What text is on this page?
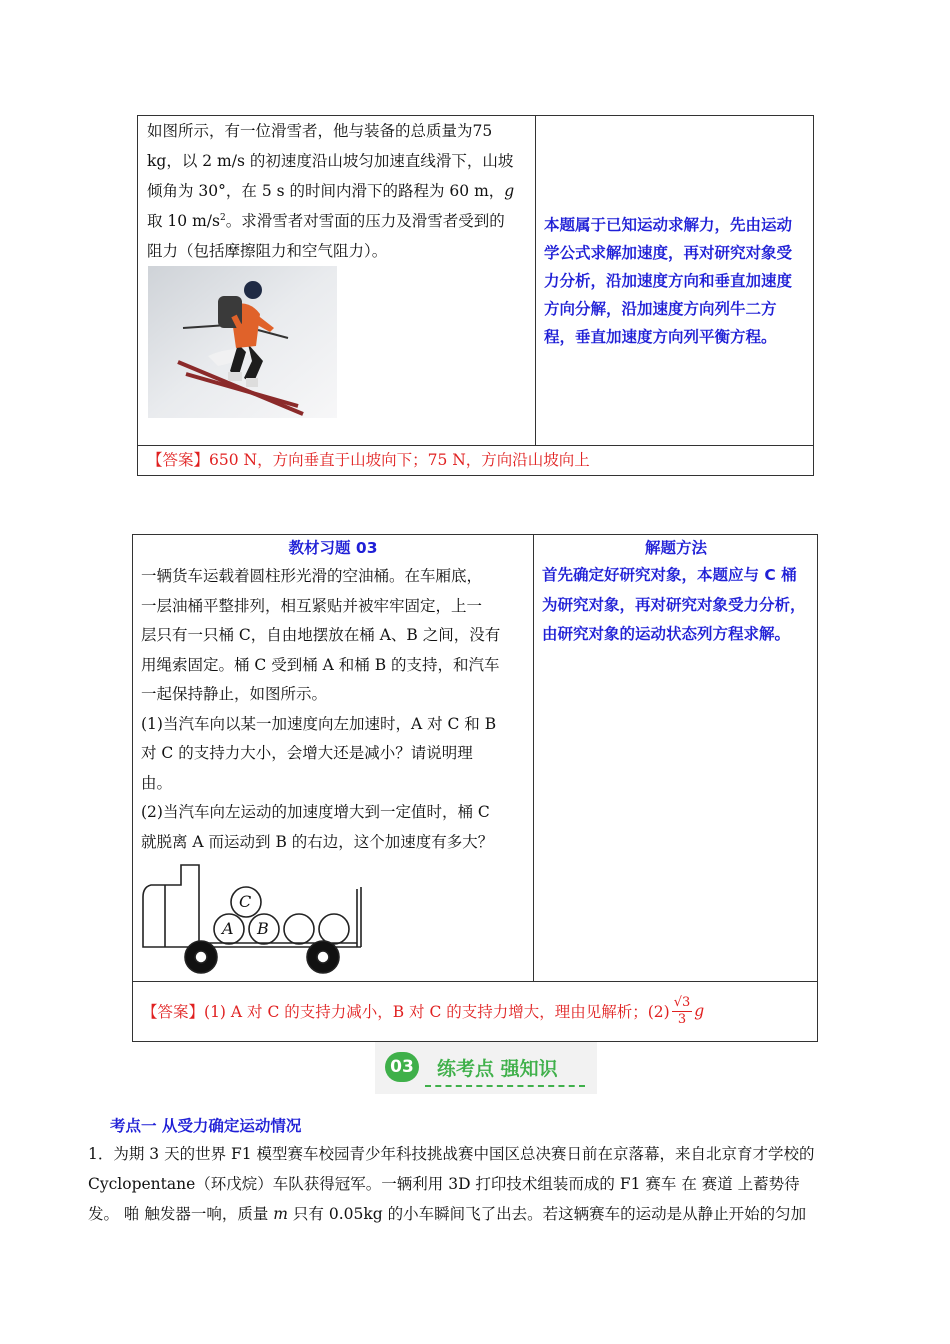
如图所示，有一位滑雪者，他与装备的总质量为75
kg，以 2 m/s 的初速度沿山坡匀加速直线滑下，山坡
倾角为 30°，在 5 s 的时间内滑下的路程为 60 m，g
取 10 $m/s^2$。求滑雪者对雪面的压力及滑雪者受到的
阻力（包括摩擦阻力和空气阻力）。
本题属于已知运动求解力，先由运动学公式求解加速度，再对研究对象受力分析，沿加速度方向和垂直加速度方向分解，沿加速度方向列牛二方程，垂直加速度方向列平衡方程。
【答案】650 N，方向垂直于山坡向下；75 N，方向沿山坡向上
教材习题 03	解题方法
一辆货车运载着圆柱形光滑的空油桶。在车厢底，
一层油桶平整排列，相互紧贴并被牢牢固定，上一
层只有一只桶 C，自由地摆放在桶 A、B 之间，没有
用绳索固定。桶 C 受到桶 A 和桶 B 的支持，和汽车
一起保持静止，如图所示。
(1)当汽车向以某一加速度向左加速时，A 对 C 和 B
对 C 的支持力大小，会增大还是减小？请说明理
由。
(2)当汽车向左运动的加速度增大到一定值时，桶 C
就脱离 A 而运动到 B 的右边，这个加速度有多大？
首先确定好研究对象，本题应与 C 桶为研究对象，再对研究对象受力分析，由研究对象的运动状态列方程求解。
C
A B
【答案】 (1) A 对 C 的支持力减小，B 对 C 的支持力增大，理由见解析；$(2) \frac{√3}{3}$ g
03 练考点 强知识
考点一 从受力确定运动情况
1．为期 3 天的世界 F1 模型赛车校园青少年科技挑战赛中国区总决赛日前在京落幕，来自北京育才学校的
Cyclopentane（环戊烷）车队获得冠军。一辆利用 3D 打印技术组装而成的 F1 赛车 在 赛道 上蓄势待
发。 啪 触发器一响，质量 m 只有 0.05kg 的小车瞬间飞了出去。若这辆赛车的运动是从静止开始的匀加
